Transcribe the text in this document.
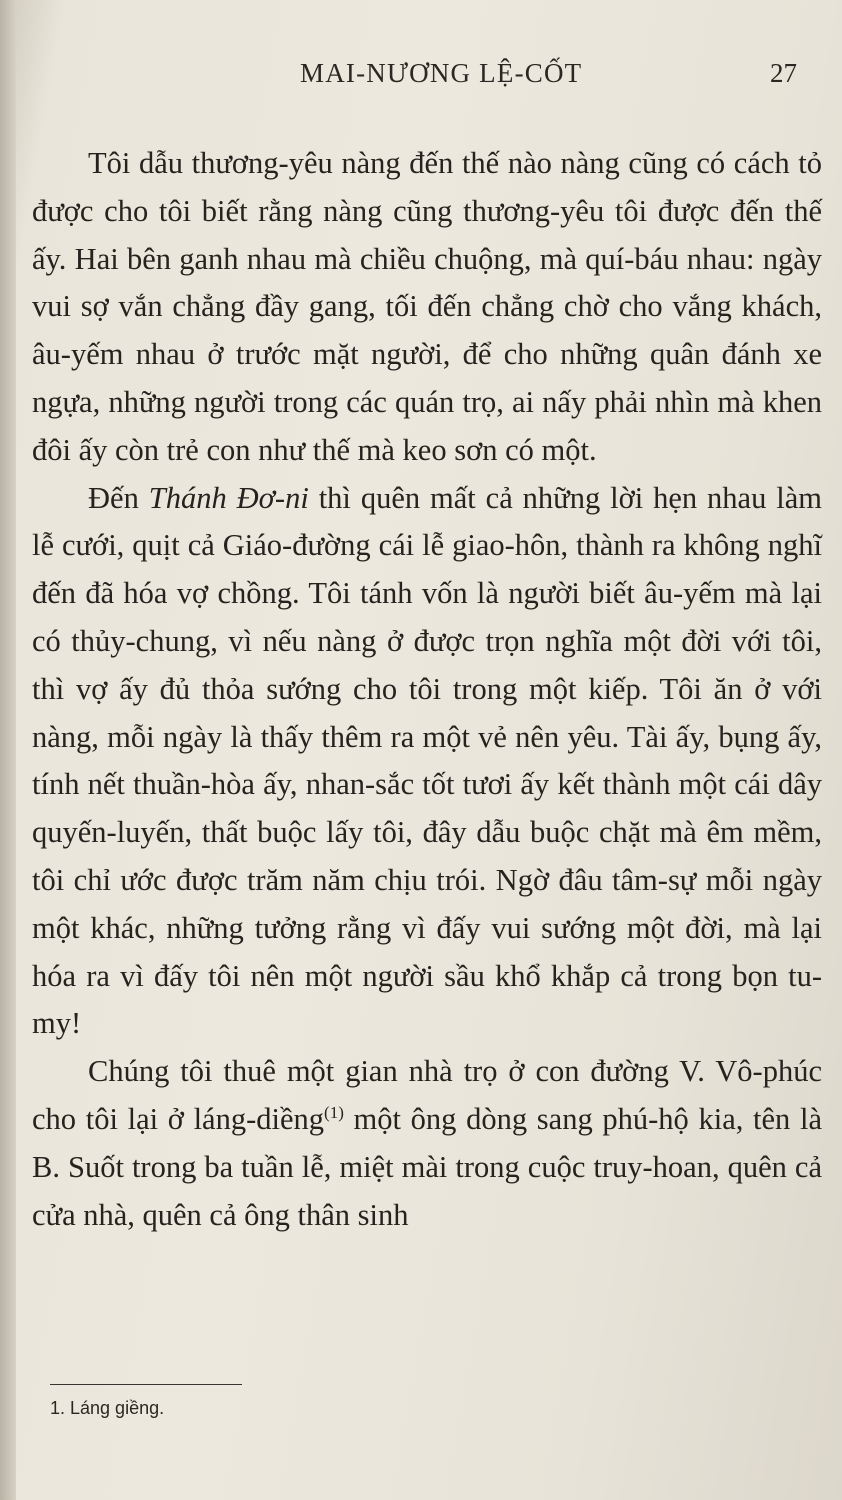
MAI-NƯƠNG LỆ-CỐT	27

Tôi dẫu thương-yêu nàng đến thế nào nàng cũng có cách tỏ được cho tôi biết rằng nàng cũng thương-yêu tôi được đến thế ấy. Hai bên ganh nhau mà chiều chuộng, mà quí-báu nhau: ngày vui sợ vắn chẳng đầy gang, tối đến chẳng chờ cho vắng khách, âu-yếm nhau ở trước mặt người, để cho những quân đánh xe ngựa, những người trong các quán trọ, ai nấy phải nhìn mà khen đôi ấy còn trẻ con như thế mà keo sơn có một.

Đến Thánh Đơ-ni thì quên mất cả những lời hẹn nhau làm lễ cưới, quịt cả Giáo-đường cái lễ giao-hôn, thành ra không nghĩ đến đã hóa vợ chồng. Tôi tánh vốn là người biết âu-yếm mà lại có thủy-chung, vì nếu nàng ở được trọn nghĩa một đời với tôi, thì vợ ấy đủ thỏa sướng cho tôi trong một kiếp. Tôi ăn ở với nàng, mỗi ngày là thấy thêm ra một vẻ nên yêu. Tài ấy, bụng ấy, tính nết thuần-hòa ấy, nhan-sắc tốt tươi ấy kết thành một cái dây quyến-luyến, thất buộc lấy tôi, đây dẫu buộc chặt mà êm mềm, tôi chỉ ước được trăm năm chịu trói. Ngờ đâu tâm-sự mỗi ngày một khác, những tưởng rằng vì đấy vui sướng một đời, mà lại hóa ra vì đấy tôi nên một người sầu khổ khắp cả trong bọn tu-my!

Chúng tôi thuê một gian nhà trọ ở con đường V. Vô-phúc cho tôi lại ở láng-diềng$^{(1)}$ một ông dòng sang phú-hộ kia, tên là B. Suốt trong ba tuần lễ, miệt mài trong cuộc truy-hoan, quên cả cửa nhà, quên cả ông thân sinh

1. Láng giềng.
